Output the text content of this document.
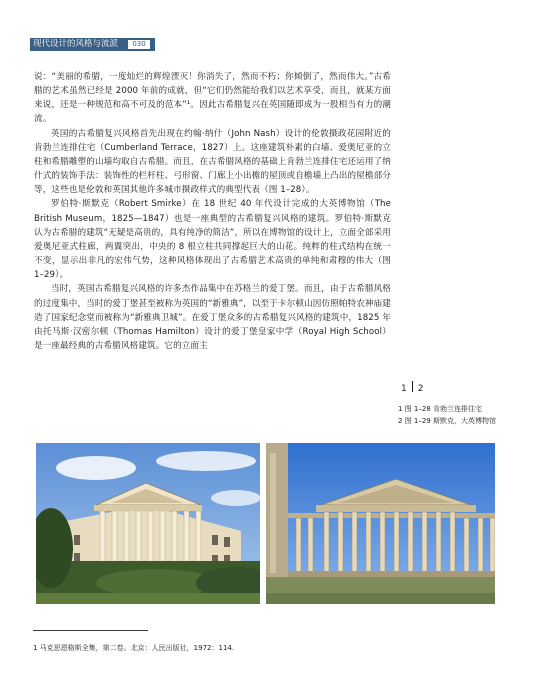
现代设计的风格与流派	030

说：“美丽的希腊，一度灿烂的辉煌湮灭！你消失了，然而不朽；你倾倒了，然而伟大。”古希腊的艺术虽然已经是 2000 年前的成就，但“它们仍然能给我们以艺术享受，而且，就某方面来说，还是一种规范和高不可及的范本”¹。因此古希腊复兴在英国随即成为一股相当有力的潮流。

英国的古希腊复兴风格首先出现在约翰·纳什（John Nash）设计的伦敦摄政花园附近的肯勃兰连排住宅（Cumberland Terrace，1827）上。这座建筑朴素的白墙、爱奥尼亚的立柱和希腊雕塑的山墙均取自古希腊。而且，在古希腊风格的基础上肯勃兰连排住宅还运用了纳什式的装饰手法：装饰性的栏杆柱、弓形窗、门廊上小出檐的屋顶或自檐墙上凸出的屋檐部分等，这些也是伦敦和英国其他许多城市摄政样式的典型代表（图 1–28）。

罗伯特·斯默克（Robert Smirke）在 18 世纪 40 年代设计完成的大英博物馆（The British Museum，1825—1847）也是一座典型的古希腊复兴风格的建筑。罗伯特·斯默克认为古希腊的建筑“无疑是高贵的，具有纯净的简洁”，所以在博物馆的设计上，立面全部采用爱奥尼亚式柱廊，两翼突出，中央的 8 根立柱共同撑起巨大的山花。纯粹的柱式结构在统一不变，显示出非凡的宏伟气势，这种风格体现出了古希腊艺术高贵的单纯和肃穆的伟大（图 1–29）。

当时，英国古希腊复兴风格的许多杰作品集中在苏格兰的爱丁堡。而且，由于古希腊风格的过度集中，当时的爱丁堡甚至被称为英国的“新雅典”，以至于卡尔顿山因仿照帕特农神庙建造了国家纪念堂而被称为“新雅典卫城”。在爱丁堡众多的古希腊复兴风格的建筑中，1825 年由托马斯·汉密尔顿（Thomas Hamilton）设计的爱丁堡皇家中学（Royal High School）是一座最经典的古希腊风格建筑。它的立面主

1 2
1 图 1–28 肯勃兰连排住宅
2 图 1–29 斯默克，大英博物馆
1 马克思恩格斯全集，第二卷。北京：人民出版社，1972：114.
